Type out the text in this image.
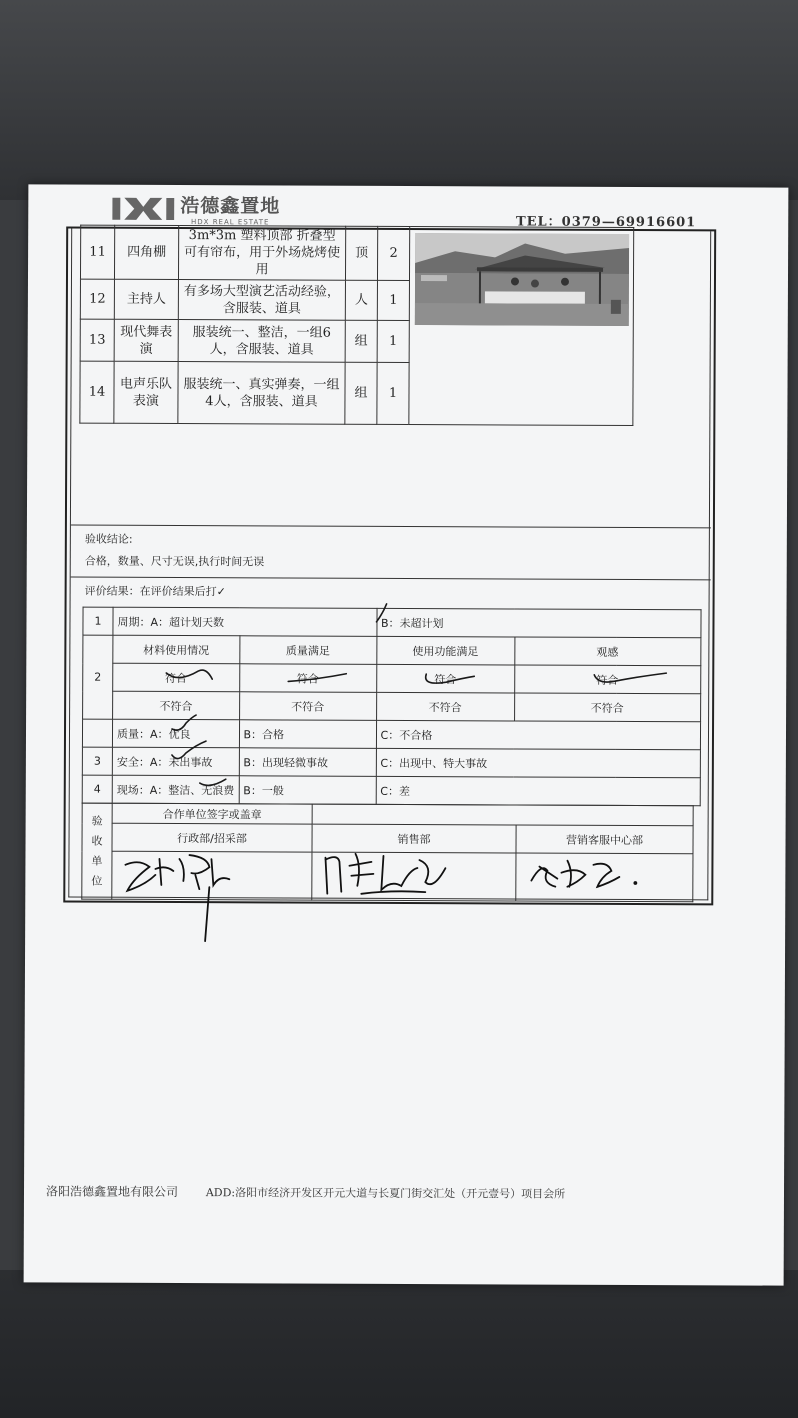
浩德鑫置地
HDX REAL ESTATE	TEL：0379—69916601
11	四角棚	3m*3m 塑料顶部 折叠型 可有帘布，用于外场烧烤使用	顶	2	
12	主持人	有多场大型演艺活动经验，含服装、道具	人	1	
13	现代舞表演	服装统一、整洁，一组6人，含服装、道具	组	1	
14	电声乐队表演	服装统一、真实弹奏，一组4人，含服装、道具	组	1	
验收结论:
合格，数量、尺寸无误,执行时间无误
评价结果：在评价结果后打✓
1	周期：A：超计划天数		B：未超计划	
2	材料使用情况	质量满足	使用功能满足	观感
	符合	符合	符合	符合
	不符合	不符合	不符合	不符合
	质量：A：优良	B：合格	C：不合格	
3	安全：A：未出事故	B：出现轻微事故	C：出现中、特大事故	
4	现场：A：整洁、无浪费	B：一般	C：差	
验
收
单
位	合作单位签字或盖章		
	行政部/招采部	销售部	营销客服中心部

洛阳浩德鑫置地有限公司	ADD:洛阳市经济开发区开元大道与长夏门街交汇处（开元壹号）项目会所
